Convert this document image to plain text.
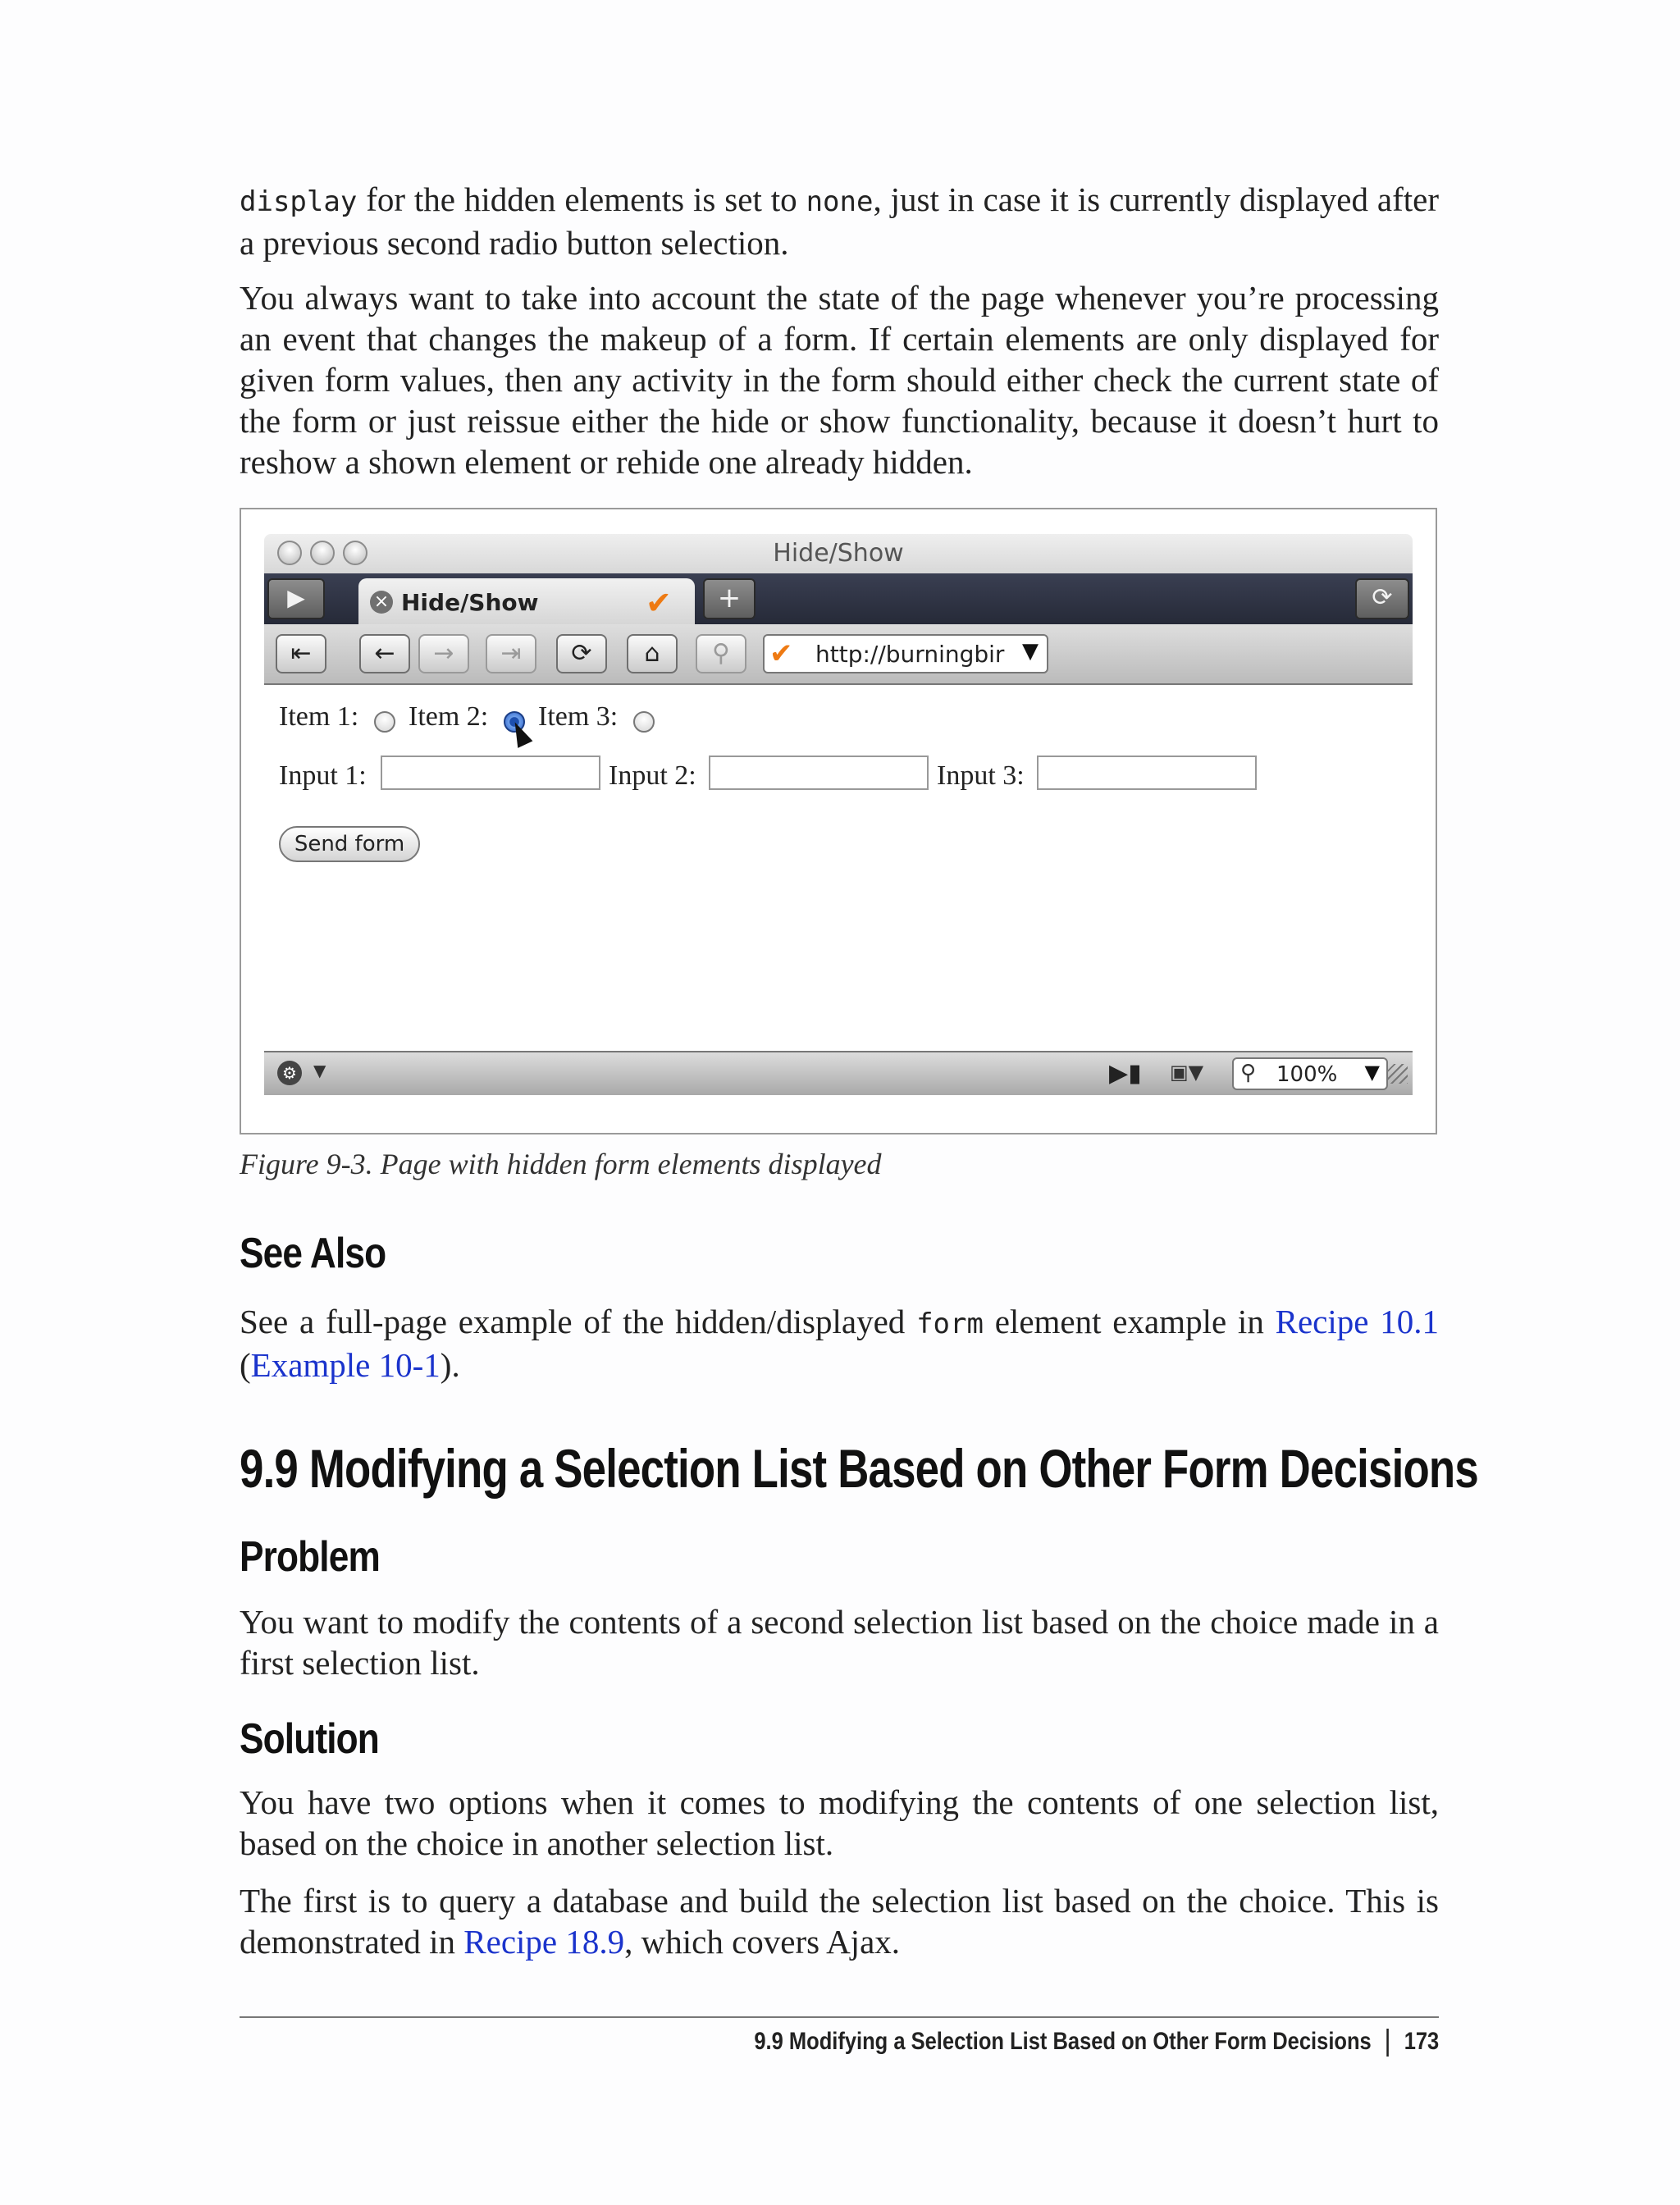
display for the hidden elements is set to none, just in case it is currently displayed after a previous second radio button selection.

You always want to take into account the state of the page whenever you’re processing an event that changes the makeup of a form. If certain elements are only displayed for given form values, then any activity in the form should either check the current state of the form or just reissue either the hide or show functionality, because it doesn’t hurt to reshow a shown element or rehide one already hidden.

Hide/Show
▶	× Hide/Show	✔	+	⟳
⇤	←	→	⇥	⟳	⌂	⚲	✔ http://burningbir ▼
Item 1: Item 2: Item 3:
Input 1:	Input 2:	Input 3:
Send form
⚙	▼	▶▮ ▣▼	⚲ 100% ▼
Figure 9-3. Page with hidden form elements displayed
See Also

See a full-page example of the hidden/displayed form element example in Recipe 10.1 (Example 10-1).

9.9 Modifying a Selection List Based on Other Form Decisions
Problem

You want to modify the contents of a second selection list based on the choice made in a first selection list.

Solution

You have two options when it comes to modifying the contents of one selection list, based on the choice in another selection list.

The first is to query a database and build the selection list based on the choice. This is demonstrated in Recipe 18.9, which covers Ajax.

9.9 Modifying a Selection List Based on Other Form Decisions 173
